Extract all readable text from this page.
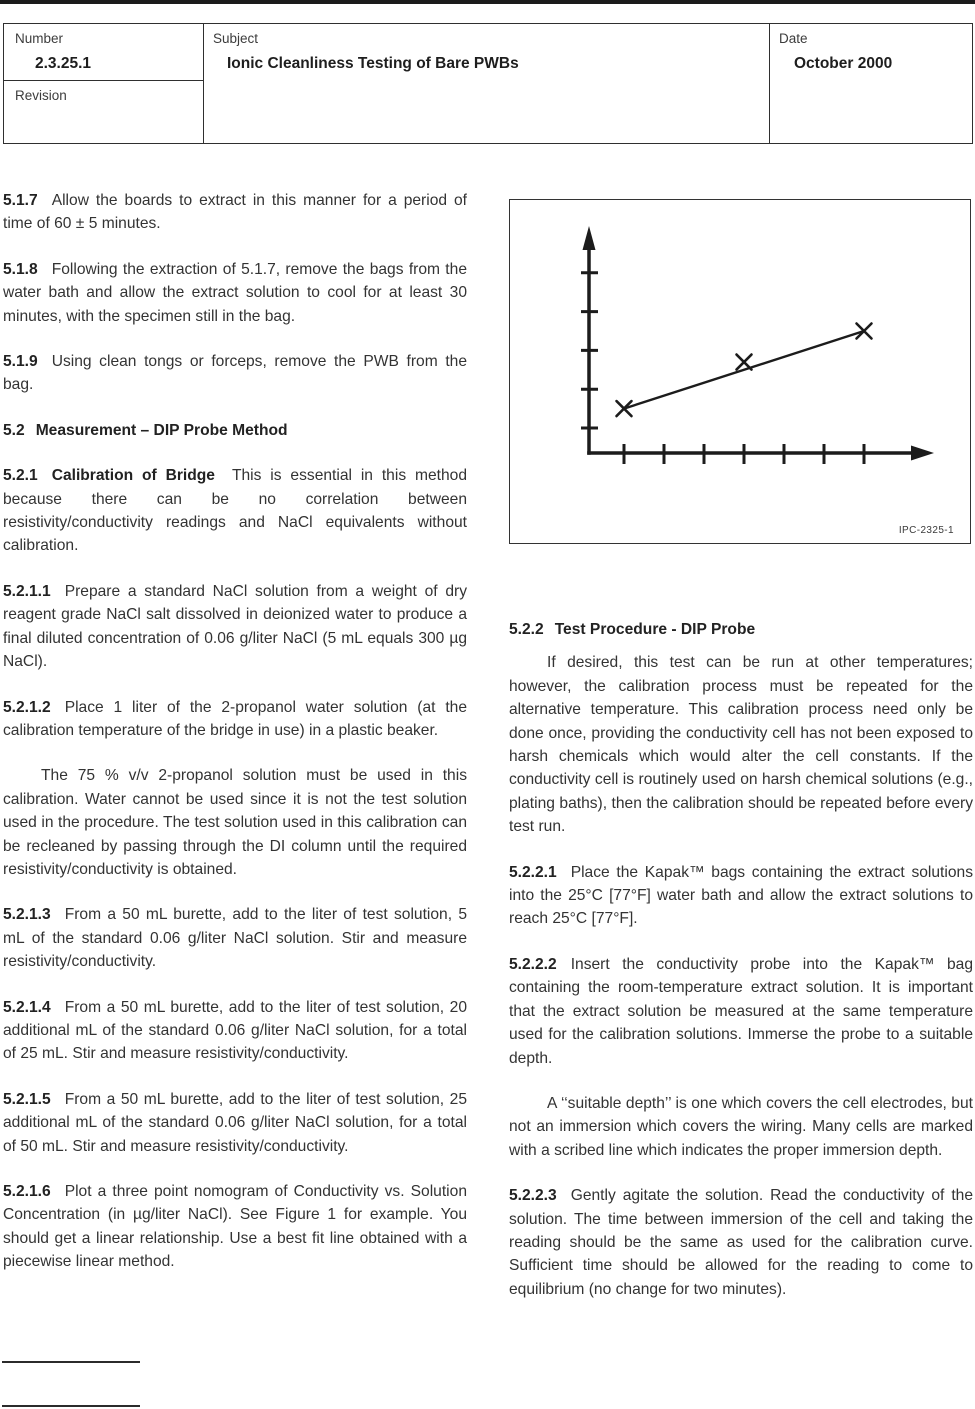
Number
2.3.25.1
Revision
Subject
Ionic Cleanliness Testing of Bare PWBs
Date
October 2000

5.1.7 Allow the boards to extract in this manner for a period of time of 60 ± 5 minutes.

5.1.8 Following the extraction of 5.1.7, remove the bags from the water bath and allow the extract solution to cool for at least 30 minutes, with the specimen still in the bag.

5.1.9 Using clean tongs or forceps, remove the PWB from the bag.

5.2 Measurement – DIP Probe Method

5.2.1 Calibration of Bridge This is essential in this method because there can be no correlation between resistivity/conductivity readings and NaCl equivalents without calibration.

5.2.1.1 Prepare a standard NaCl solution from a weight of dry reagent grade NaCl salt dissolved in deionized water to produce a final diluted concentration of 0.06 g/liter NaCl (5 mL equals 300 µg NaCl).

5.2.1.2 Place 1 liter of the 2-propanol water solution (at the calibration temperature of the bridge in use) in a plastic beaker.

The 75 % v/v 2-propanol solution must be used in this calibration. Water cannot be used since it is not the test solution used in the procedure. The test solution used in this calibration can be recleaned by passing through the DI column until the required resistivity/conductivity is obtained.

5.2.1.3 From a 50 mL burette, add to the liter of test solution, 5 mL of the standard 0.06 g/liter NaCl solution. Stir and measure resistivity/conductivity.

5.2.1.4 From a 50 mL burette, add to the liter of test solution, 20 additional mL of the standard 0.06 g/liter NaCl solution, for a total of 25 mL. Stir and measure resistivity/conductivity.

5.2.1.5 From a 50 mL burette, add to the liter of test solution, 25 additional mL of the standard 0.06 g/liter NaCl solution, for a total of 50 mL. Stir and measure resistivity/conductivity.

5.2.1.6 Plot a three point nomogram of Conductivity vs. Solution Concentration (in µg/liter NaCl). See Figure 1 for example. You should get a linear relationship. Use a best fit line obtained with a piecewise linear method.

IPC-2325-1

5.2.2 Test Procedure - DIP Probe

If desired, this test can be run at other temperatures; however, the calibration process must be repeated for the alternative temperature. This calibration process need only be done once, providing the conductivity cell has not been exposed to harsh chemicals which would alter the cell constants. If the conductivity cell is routinely used on harsh chemical solutions (e.g., plating baths), then the calibration should be repeated before every test run.

5.2.2.1 Place the Kapak™ bags containing the extract solutions into the 25°C [77°F] water bath and allow the extract solutions to reach 25°C [77°F].

5.2.2.2 Insert the conductivity probe into the Kapak™ bag containing the room-temperature extract solution. It is important that the extract solution be measured at the same temperature used for the calibration solutions. Immerse the probe to a suitable depth.

A ‘‘suitable depth’’ is one which covers the cell electrodes, but not an immersion which covers the wiring. Many cells are marked with a scribed line which indicates the proper immersion depth.

5.2.2.3 Gently agitate the solution. Read the conductivity of the solution. The time between immersion of the cell and taking the reading should be the same as used for the calibration curve. Sufficient time should be allowed for the reading to come to equilibrium (no change for two minutes).
